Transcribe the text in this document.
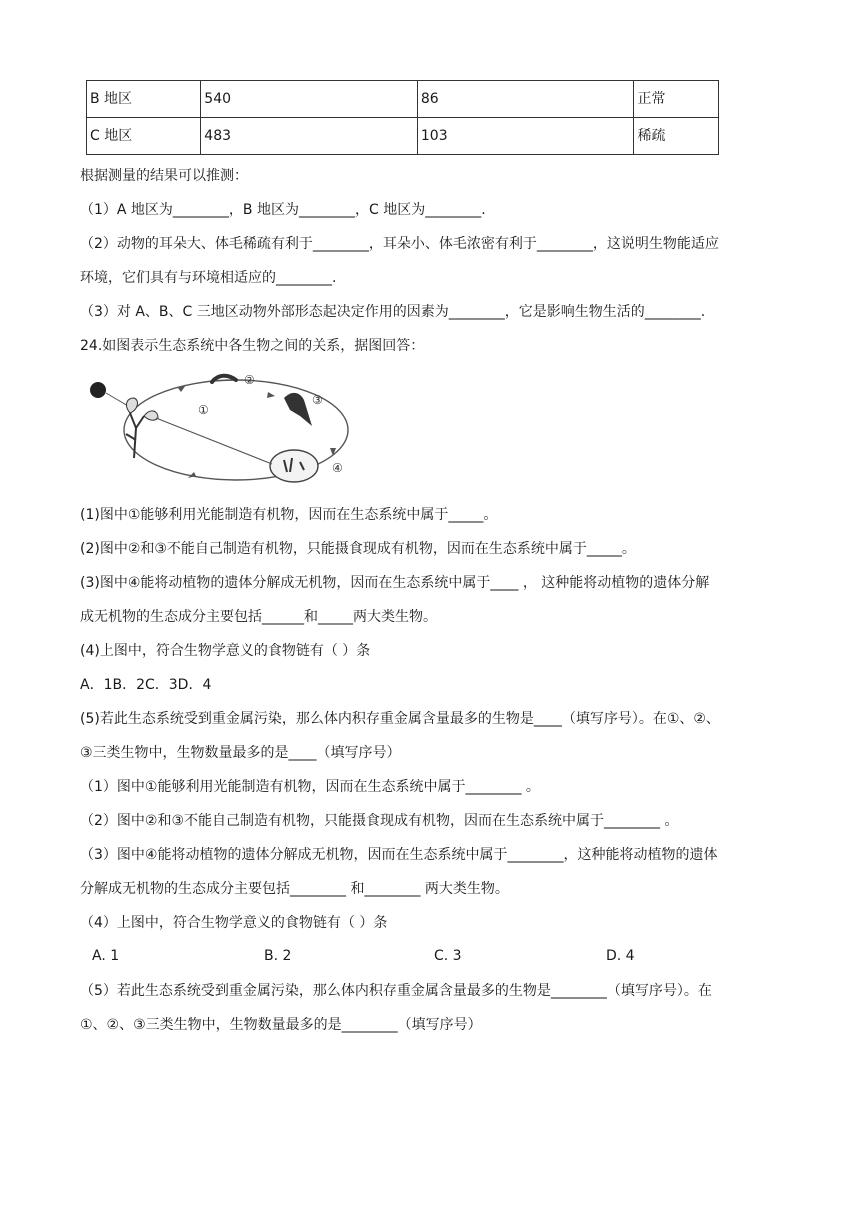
B 地区	540	86	正常
C 地区	483	103	稀疏
根据测量的结果可以推测：
（1）A 地区为________，B 地区为________，C 地区为________.
（2）动物的耳朵大、体毛稀疏有利于________，耳朵小、体毛浓密有利于________，这说明生物能适应
环境，它们具有与环境相适应的________.
（3）对 A、B、C 三地区动物外部形态起决定作用的因素为________，它是影响生物生活的________.
24.如图表示生态系统中各生物之间的关系，据图回答：
①
②
③
④
(1)图中①能够利用光能制造有机物，因而在生态系统中属于_____。
(2)图中②和③不能自己制造有机物，只能摄食现成有机物，因而在生态系统中属于_____。
(3)图中④能将动植物的遗体分解成无机物，因而在生态系统中属于____ ， 这种能将动植物的遗体分解
成无机物的生态成分主要包括______和_____两大类生物。
(4)上图中，符合生物学意义的食物链有（ ）条
A．1B．2C．3D．4
(5)若此生态系统受到重金属污染，那么体内积存重金属含量最多的生物是____（填写序号）。在①、②、
③三类生物中，生物数量最多的是____（填写序号）
（1）图中①能够利用光能制造有机物，因而在生态系统中属于________ 。
（2）图中②和③不能自己制造有机物，只能摄食现成有机物，因而在生态系统中属于________ 。
（3）图中④能将动植物的遗体分解成无机物，因而在生态系统中属于________，这种能将动植物的遗体
分解成无机物的生态成分主要包括________ 和________ 两大类生物。
（4）上图中，符合生物学意义的食物链有（ ）条
A. 1	B. 2	C. 3	D. 4
（5）若此生态系统受到重金属污染，那么体内积存重金属含量最多的生物是________（填写序号）。在
①、②、③三类生物中，生物数量最多的是________（填写序号）
